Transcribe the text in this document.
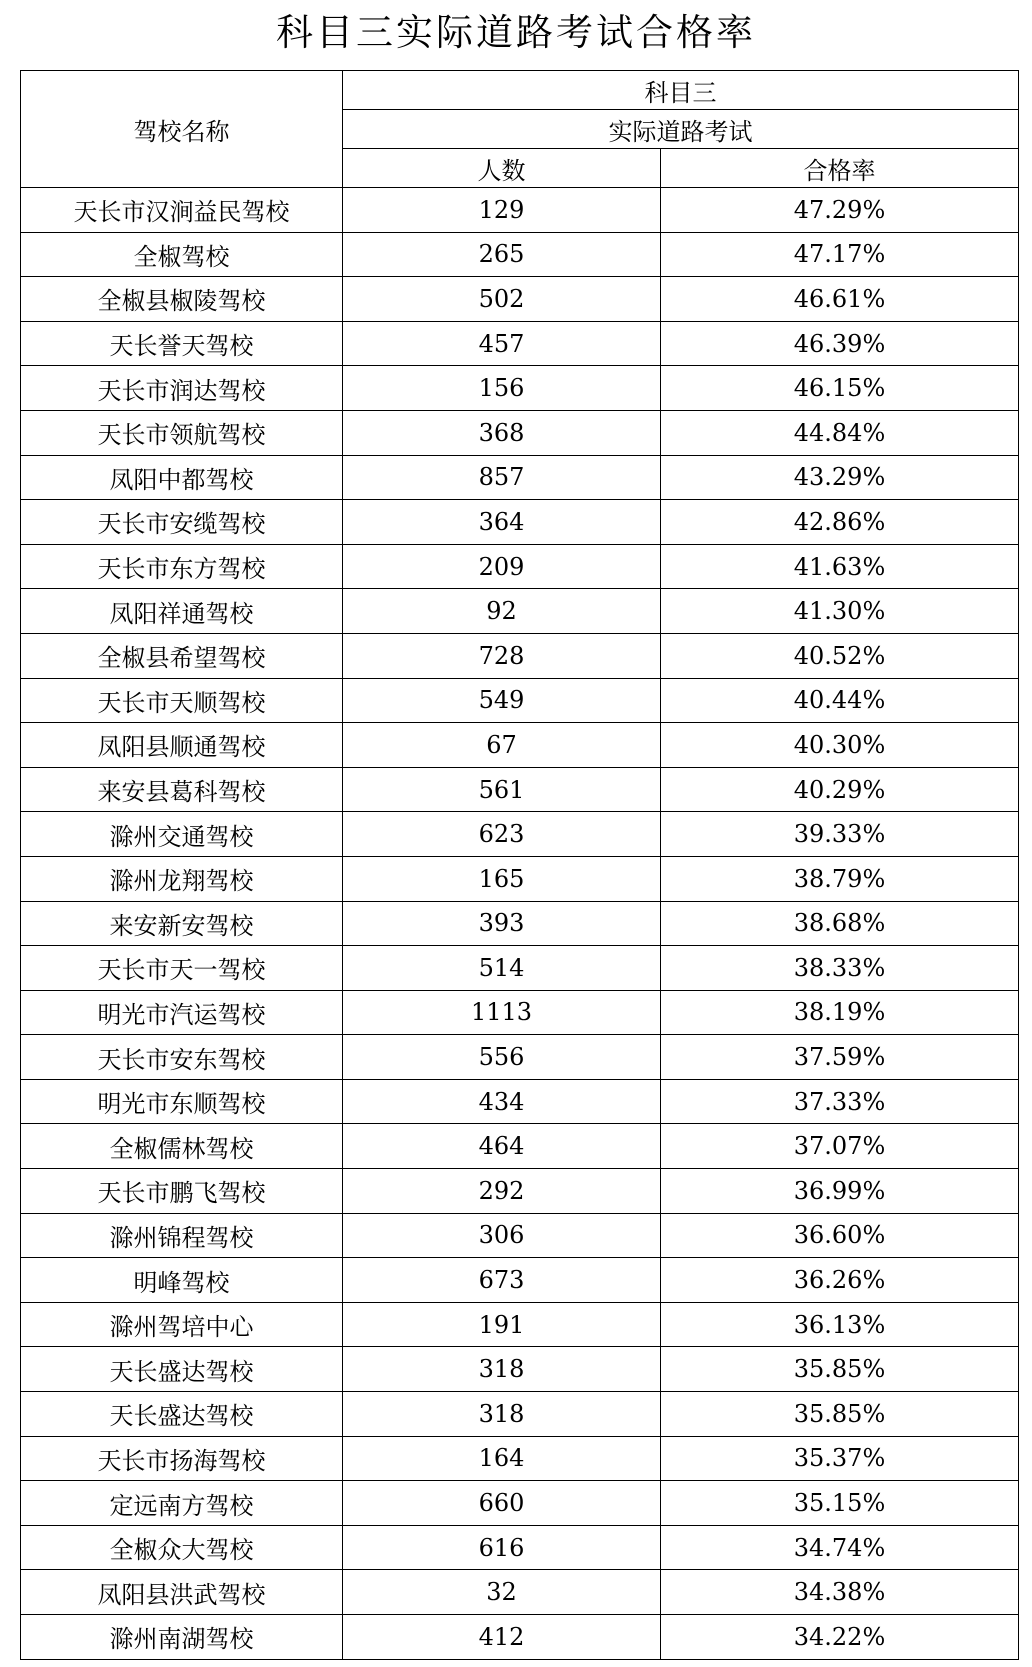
科目三实际道路考试合格率
驾校名称	科目三	
	实际道路考试	
	人数	合格率
天长市汉涧益民驾校	129	47.29%
全椒驾校	265	47.17%
全椒县椒陵驾校	502	46.61%
天长誉天驾校	457	46.39%
天长市润达驾校	156	46.15%
天长市领航驾校	368	44.84%
凤阳中都驾校	857	43.29%
天长市安缆驾校	364	42.86%
天长市东方驾校	209	41.63%
凤阳祥通驾校	92	41.30%
全椒县希望驾校	728	40.52%
天长市天顺驾校	549	40.44%
凤阳县顺通驾校	67	40.30%
来安县葛科驾校	561	40.29%
滁州交通驾校	623	39.33%
滁州龙翔驾校	165	38.79%
来安新安驾校	393	38.68%
天长市天一驾校	514	38.33%
明光市汽运驾校	1113	38.19%
天长市安东驾校	556	37.59%
明光市东顺驾校	434	37.33%
全椒儒林驾校	464	37.07%
天长市鹏飞驾校	292	36.99%
滁州锦程驾校	306	36.60%
明峰驾校	673	36.26%
滁州驾培中心	191	36.13%
天长盛达驾校	318	35.85%
天长盛达驾校	318	35.85%
天长市扬海驾校	164	35.37%
定远南方驾校	660	35.15%
全椒众大驾校	616	34.74%
凤阳县洪武驾校	32	34.38%
滁州南湖驾校	412	34.22%
